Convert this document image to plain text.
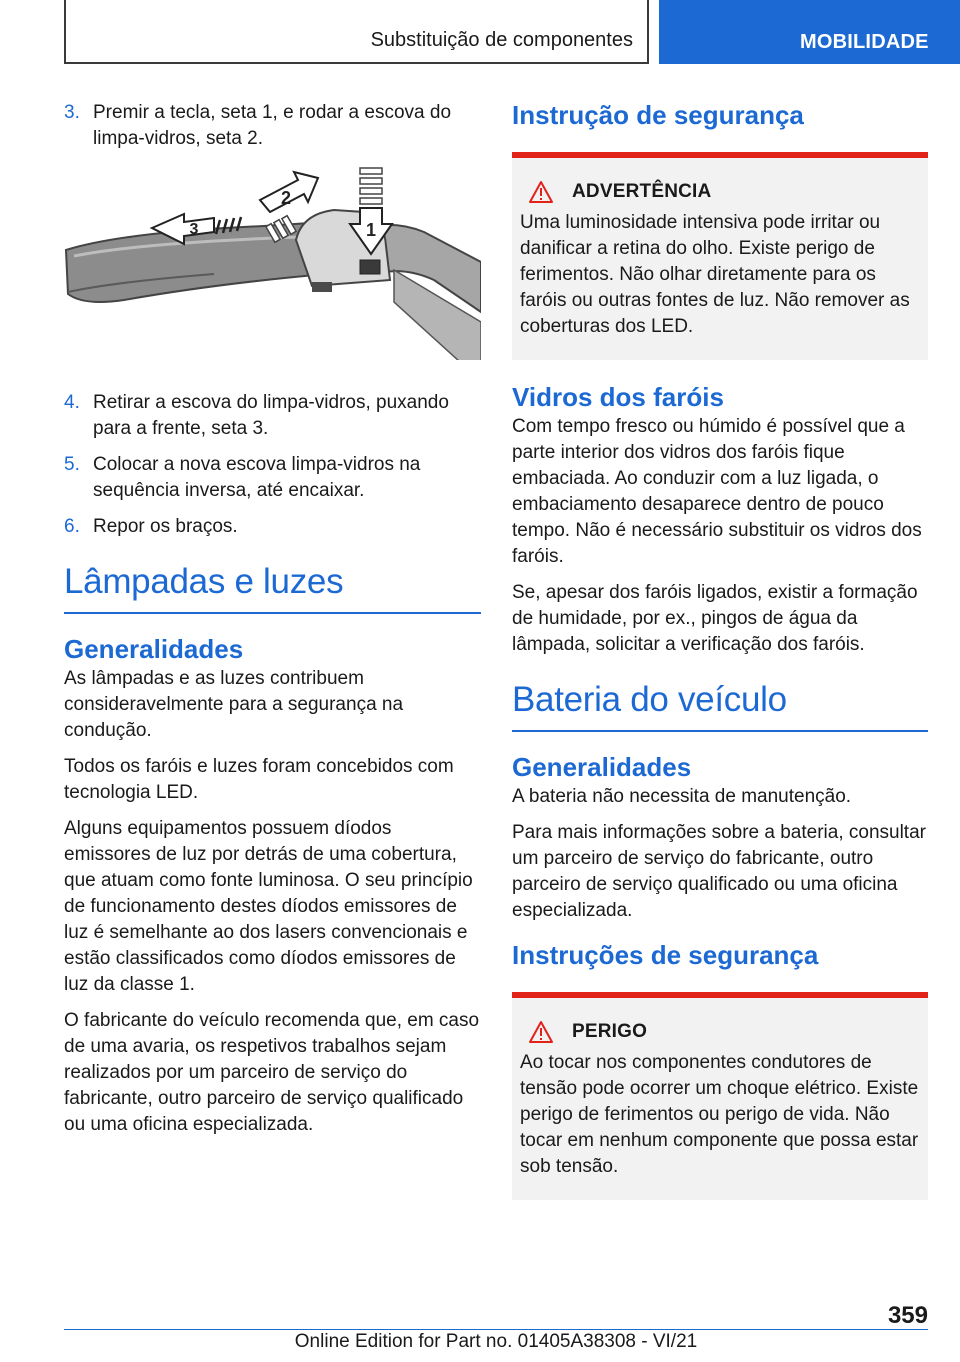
Substituição de componentes	MOBILIDADE
3. Premir a tecla, seta 1, e rodar a escova do limpa-vidros, seta 2.
1
2
3
4. Retirar a escova do limpa-vidros, puxando para a frente, seta 3.
5. Colocar a nova escova limpa-vidros na sequência inversa, até encaixar.
6. Repor os braços.
Lâmpadas e luzes
Generalidades

As lâmpadas e as luzes contribuem consideravelmente para a segurança na condução.

Todos os faróis e luzes foram concebidos com tecnologia LED.

Alguns equipamentos possuem díodos emissores de luz por detrás de uma cobertura, que atuam como fonte luminosa. O seu princípio de funcionamento destes díodos emissores de luz é semelhante ao dos lasers convencionais e estão classificados como díodos emissores de luz da classe 1.

O fabricante do veículo recomenda que, em caso de uma avaria, os respetivos trabalhos sejam realizados por um parceiro de serviço do fabricante, outro parceiro de serviço qualificado ou uma oficina especializada.

Instrução de segurança
ADVERTÊNCIA
Uma luminosidade intensiva pode irritar ou danificar a retina do olho. Existe perigo de ferimentos. Não olhar diretamente para os faróis ou outras fontes de luz. Não remover as coberturas dos LED.
Vidros dos faróis

Com tempo fresco ou húmido é possível que a parte interior dos vidros dos faróis fique embaciada. Ao conduzir com a luz ligada, o embaciamento desaparece dentro de pouco tempo. Não é necessário substituir os vidros dos faróis.

Se, apesar dos faróis ligados, existir a formação de humidade, por ex., pingos de água da lâmpada, solicitar a verificação dos faróis.

Bateria do veículo
Generalidades

A bateria não necessita de manutenção.

Para mais informações sobre a bateria, consultar um parceiro de serviço do fabricante, outro parceiro de serviço qualificado ou uma oficina especializada.

Instruções de segurança
PERIGO
Ao tocar nos componentes condutores de tensão pode ocorrer um choque elétrico. Existe perigo de ferimentos ou perigo de vida. Não tocar em nenhum componente que possa estar sob tensão.
359
Online Edition for Part no. 01405A38308 - VI/21
